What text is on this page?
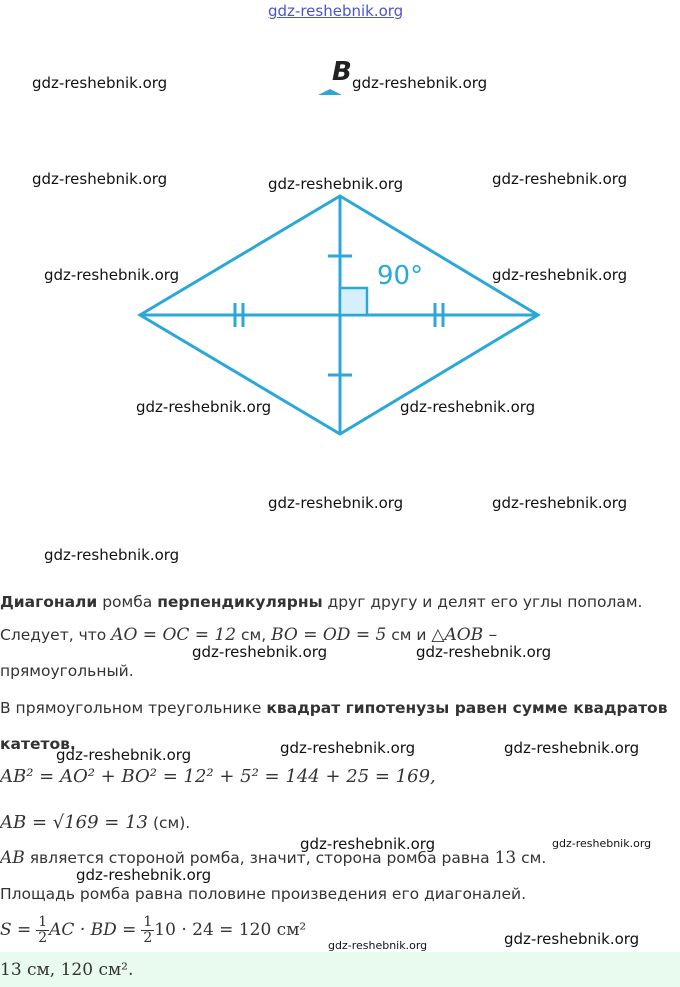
gdz-reshebnik.org
B
90°
gdz-reshebnik.org	gdz-reshebnik.org
gdz-reshebnik.org	gdz-reshebnik.org	gdz-reshebnik.org
gdz-reshebnik.org	gdz-reshebnik.org
gdz-reshebnik.org	gdz-reshebnik.org
gdz-reshebnik.org	gdz-reshebnik.org
gdz-reshebnik.org
Диагонали ромба перпендикулярны друг другу и делят его углы пополам.
Следует, что AO = OC = 12 см, BO = OD = 5 см и △AOB –
gdz-reshebnik.org	gdz-reshebnik.org
прямоугольный.
В прямоугольном треугольнике квадрат гипотенузы равен сумме квадратов
катетов.
gdz-reshebnik.org	gdz-reshebnik.org	gdz-reshebnik.org
AB² = AO² + BO² = 12² + 5² = 144 + 25 = 169,
AB = √169 = 13 (см).
gdz-reshebnik.org	gdz-reshebnik.org
AB является стороной ромба, значит, сторона ромба равна 13 см.
gdz-reshebnik.org
Площадь ромба равна половине произведения его диагоналей.
$S = \frac{1}{2}$ AC · BD = $\frac{1}{2} 10 \cdot 24 = 120$ см²
gdz-reshebnik.org	gdz-reshebnik.org
13 см, 120 см².
